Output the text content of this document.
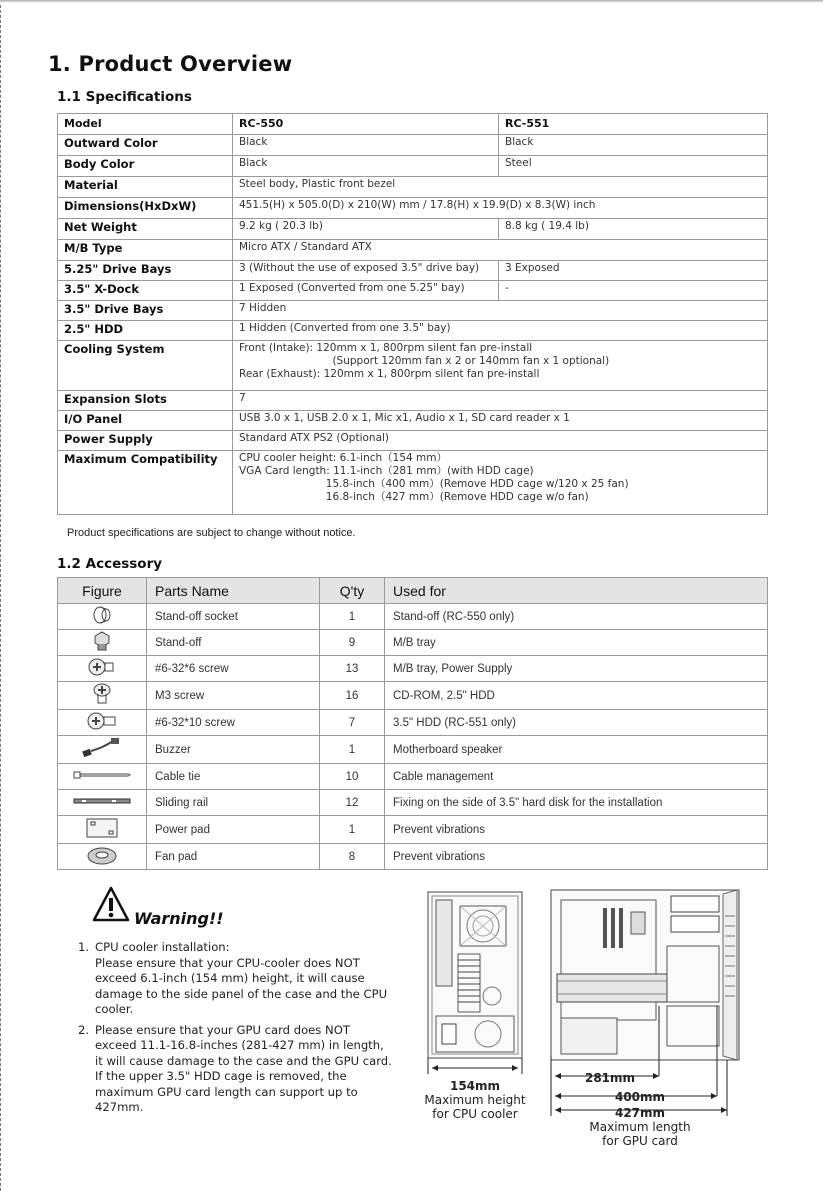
1. Product Overview
1.1 Specifications
Model	RC-550	RC-551
Outward Color	Black	Black
Body Color	Black	Steel
Material	Steel body, Plastic front bezel	
Dimensions(HxDxW)	451.5(H) x 505.0(D) x 210(W) mm / 17.8(H) x 19.9(D) x 8.3(W) inch	
Net Weight	9.2 kg ( 20.3 lb)	8.8 kg ( 19.4 lb)
M/B Type	Micro ATX / Standard ATX	
5.25" Drive Bays	3 (Without the use of exposed 3.5" drive bay)	3 Exposed
3.5" X-Dock	1 Exposed (Converted from one 5.25" bay)	-
3.5" Drive Bays	7 Hidden	
2.5" HDD	1 Hidden (Converted from one 3.5" bay)	
Cooling System	Front (Intake): 120mm x 1, 800rpm silent fan pre-install
(Support 120mm fan x 2 or 140mm fan x 1 optional)
Rear (Exhaust): 120mm x 1, 800rpm silent fan pre-install	
Expansion Slots	7	
I/O Panel	USB 3.0 x 1, USB 2.0 x 1, Mic x1, Audio x 1, SD card reader x 1	
Power Supply	Standard ATX PS2 (Optional)	
Maximum Compatibility	CPU cooler height: 6.1-inch（154 mm）
VGA Card length: 11.1-inch（281 mm）(with HDD cage)
15.8-inch（400 mm）(Remove HDD cage w/120 x 25 fan)
16.8-inch（427 mm）(Remove HDD cage w/o fan)	
Product specifications are subject to change without notice.
1.2 Accessory
Figure	Parts Name	Q'ty	Used for
	Stand-off socket	1	Stand-off (RC-550 only)
	Stand-off	9	M/B tray
	#6-32*6 screw	13	M/B tray, Power Supply
	M3 screw	16	CD-ROM, 2.5" HDD
	#6-32*10 screw	7	3.5" HDD (RC-551 only)
	Buzzer	1	Motherboard speaker
	Cable tie	10	Cable management
	Sliding rail	12	Fixing on the side of 3.5" hard disk for the installation
	Power pad	1	Prevent vibrations
	Fan pad	8	Prevent vibrations
Warning!!
1. CPU cooler installation:
Please ensure that your CPU-cooler does NOT exceed 6.1-inch (154 mm) height, it will cause damage to the side panel of the case and the CPU cooler.
2. Please ensure that your GPU card does NOT exceed 11.1-16.8-inches (281-427 mm) in length, it will cause damage to the case and the GPU card. If the upper 3.5" HDD cage is removed, the maximum GPU card length can support up to 427mm.
154mm
Maximum height
for CPU cooler
281mm
400mm
427mm
Maximum length
for GPU card
